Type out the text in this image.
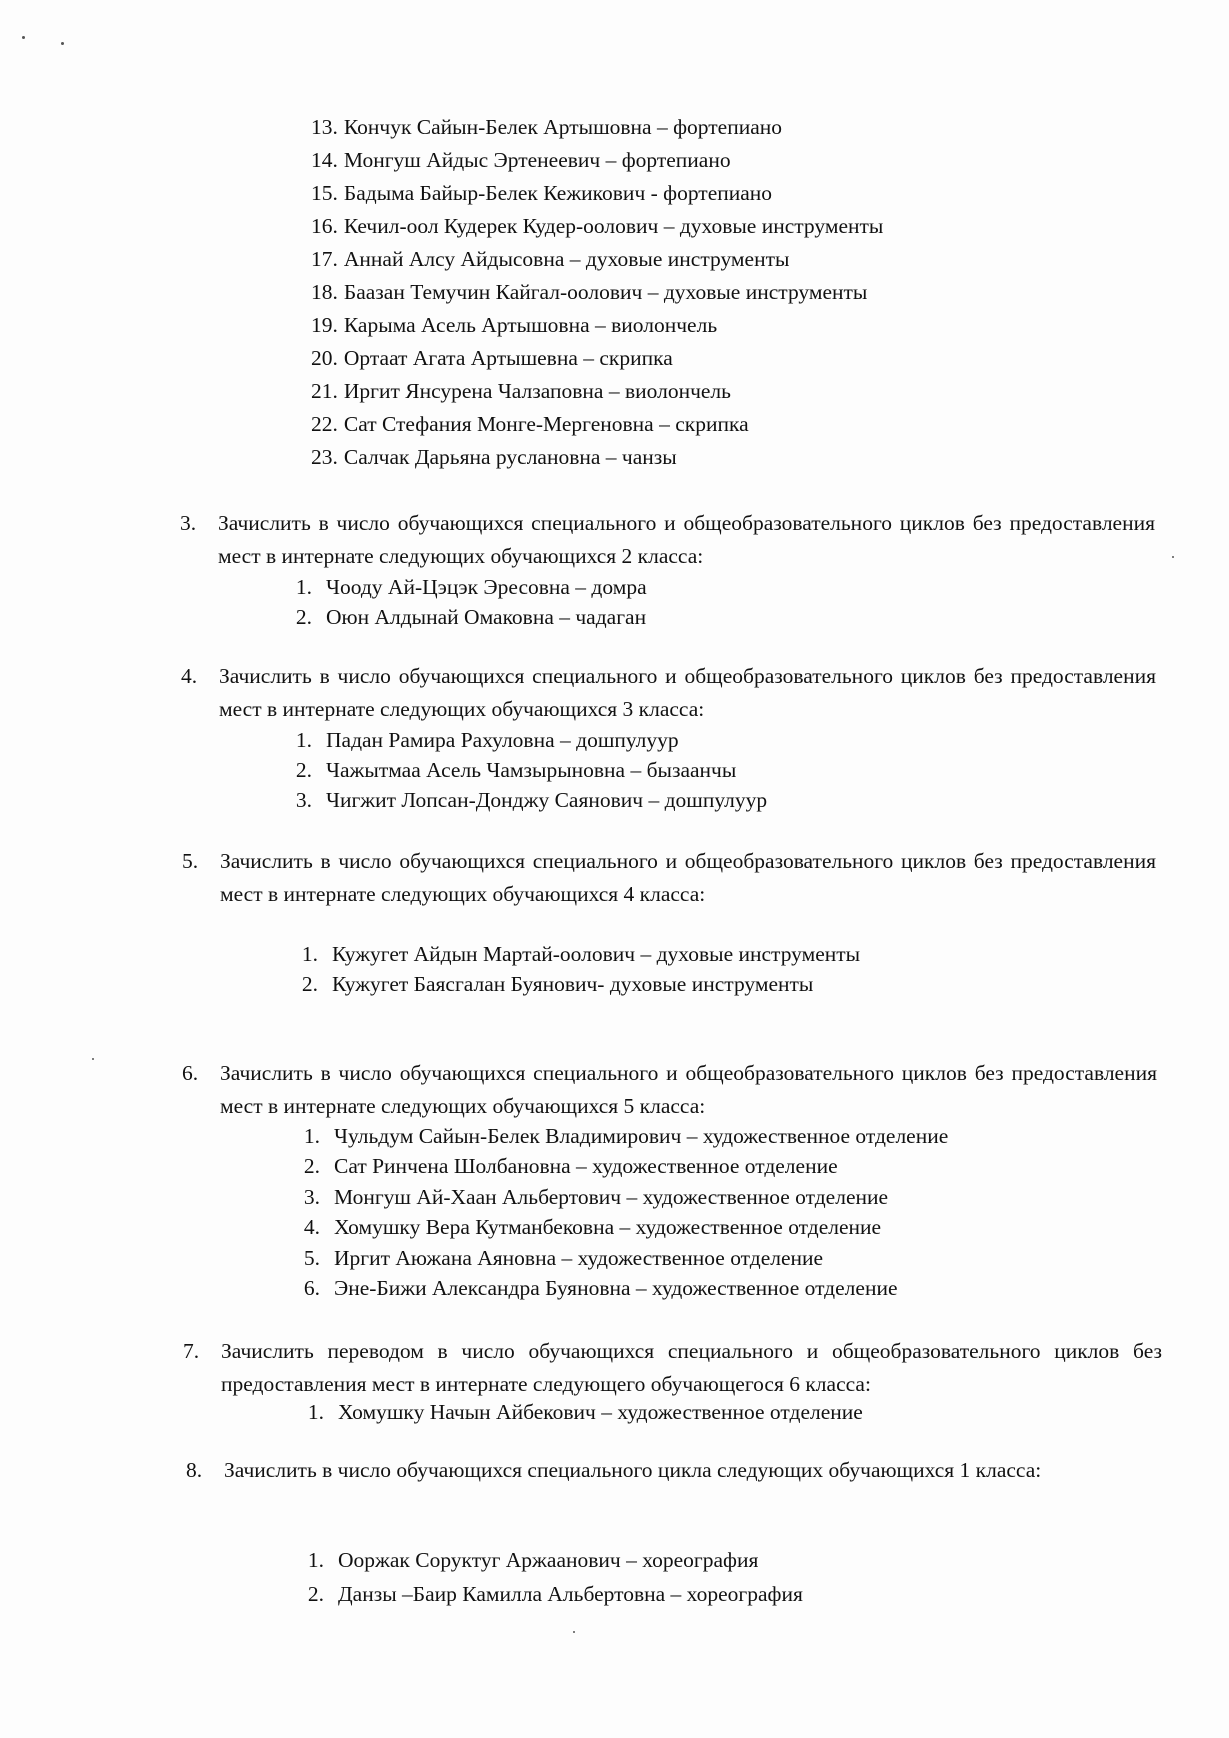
13. Кончук Сайын-Белек Артышовна – фортепиано
14. Монгуш Айдыс Эртенеевич – фортепиано
15. Бадыма Байыр-Белек Кежикович - фортепиано
16. Кечил-оол Кудерек Кудер-оолович – духовые инструменты
17. Аннай Алсу Айдысовна – духовые инструменты
18. Баазан Темучин Кайгал-оолович – духовые инструменты
19. Карыма Асель Артышовна – виолончель
20. Ортаат Агата Артышевна – скрипка
21. Иргит Янсурена Чалзаповна – виолончель
22. Сат Стефания Монге-Мергеновна – скрипка
23. Салчак Дарьяна руслановна – чанзы
3. Зачислить в число обучающихся специального и общеобразовательного циклов без предоставления мест в интернате следующих обучающихся 2 класса:
1. Чооду Ай-Цэцэк Эресовна – домра
2. Оюн Алдынай Омаковна – чадаган
4. Зачислить в число обучающихся специального и общеобразовательного циклов без предоставления мест в интернате следующих обучающихся 3 класса:
1. Падан Рамира Рахуловна – дошпулуур
2. Чажытмаа Асель Чамзырыновна – бызаанчы
3. Чигжит Лопсан-Донджу Саянович – дошпулуур
5. Зачислить в число обучающихся специального и общеобразовательного циклов без предоставления мест в интернате следующих обучающихся 4 класса:
1. Кужугет Айдын Мартай-оолович – духовые инструменты
2. Кужугет Баясгалан Буянович- духовые инструменты
6. Зачислить в число обучающихся специального и общеобразовательного циклов без предоставления мест в интернате следующих обучающихся 5 класса:
1. Чульдум Сайын-Белек Владимирович – художественное отделение
2. Сат Ринчена Шолбановна – художественное отделение
3. Монгуш Ай-Хаан Альбертович – художественное отделение
4. Хомушку Вера Кутманбековна – художественное отделение
5. Иргит Аюжана Аяновна – художественное отделение
6. Эне-Бижи Александра Буяновна – художественное отделение
7. Зачислить переводом в число обучающихся специального и общеобразовательного циклов без предоставления мест в интернате следующего обучающегося 6 класса:
1. Хомушку Начын Айбекович – художественное отделение
8. Зачислить в число обучающихся специального цикла следующих обучающихся 1 класса:
1. Ооржак Соруктуг Аржаанович – хореография
2. Данзы –Баир Камилла Альбертовна – хореография
